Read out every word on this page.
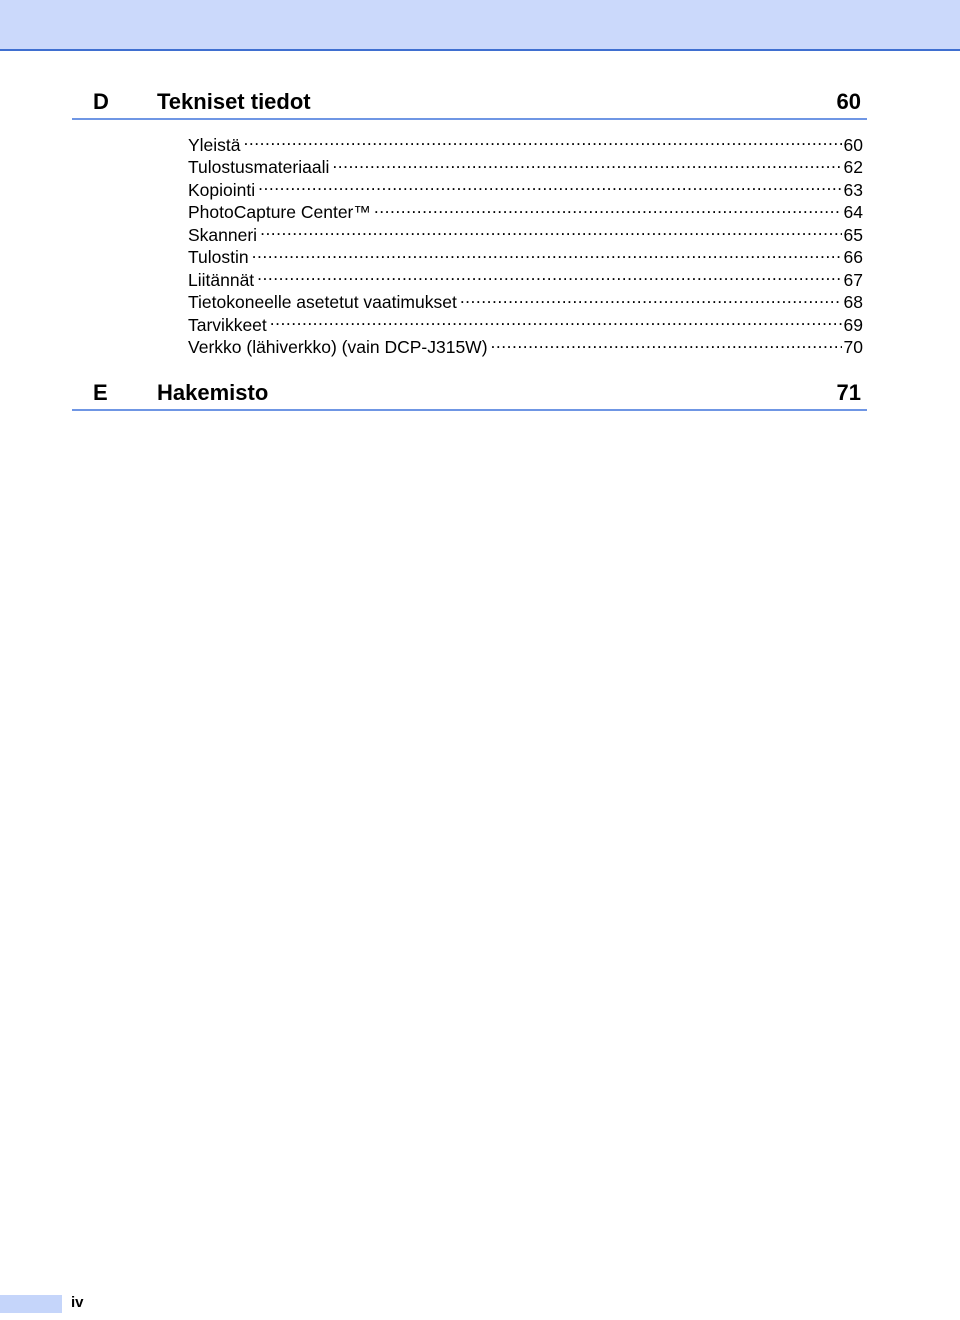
D Tekniset tiedot	60
Yleistä .....	60
Tulostusmateriaali .....	62
Kopiointi .....	63
PhotoCapture Center™ .....	64
Skanneri .....	65
Tulostin .....	66
Liitännät .....	67
Tietokoneelle asetetut vaatimukset .....	68
Tarvikkeet .....	69
Verkko (lähiverkko) (vain DCP-J315W) .....	70
E Hakemisto	71
iv
